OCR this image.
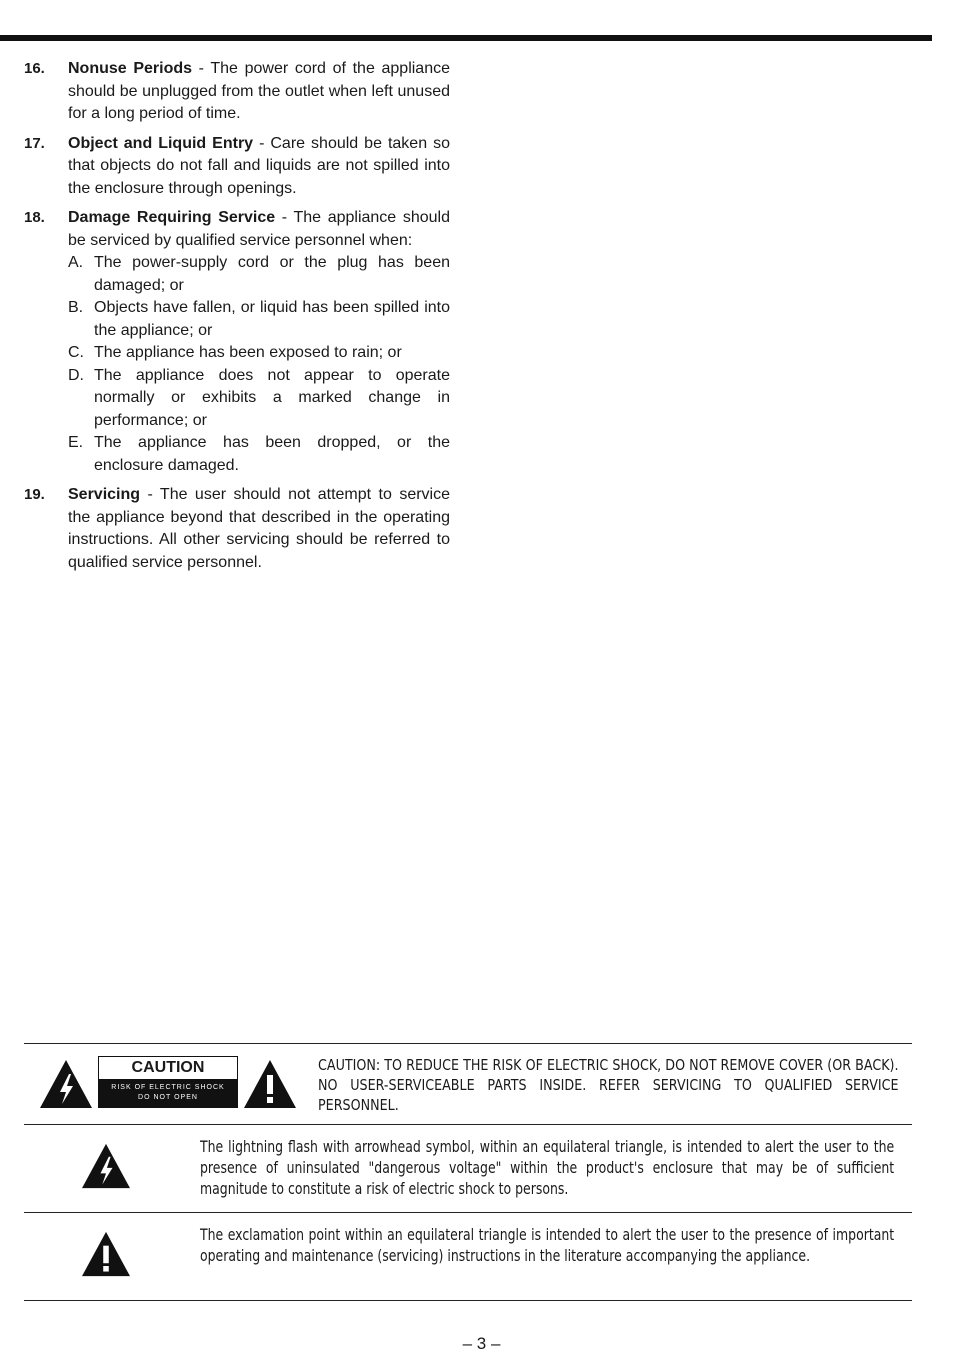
16. Nonuse Periods - The power cord of the appliance should be unplugged from the outlet when left unused for a long period of time.
17. Object and Liquid Entry - Care should be taken so that objects do not fall and liquids are not spilled into the enclosure through openings.
18. Damage Requiring Service - The appliance should be serviced by qualified service personnel when:
A. The power-supply cord or the plug has been damaged; or
B. Objects have fallen, or liquid has been spilled into the appliance; or
C. The appliance has been exposed to rain; or
D. The appliance does not appear to operate normally or exhibits a marked change in performance; or
E. The appliance has been dropped, or the enclosure damaged.
19. Servicing - The user should not attempt to service the appliance beyond that described in the operating instructions. All other servicing should be referred to qualified service personnel.
CAUTION
RISK OF ELECTRIC SHOCK
DO NOT OPEN
CAUTION: TO REDUCE THE RISK OF ELECTRIC SHOCK, DO NOT REMOVE COVER (OR BACK). NO USER-SERVICEABLE PARTS INSIDE. REFER SERVICING TO QUALIFIED SERVICE PERSONNEL.
The lightning flash with arrowhead symbol, within an equilateral triangle, is intended to alert the user to the presence of uninsulated "dangerous voltage" within the product's enclosure that may be of sufficient magnitude to constitute a risk of electric shock to persons.
The exclamation point within an equilateral triangle is intended to alert the user to the presence of important operating and maintenance (servicing) instructions in the literature accompanying the appliance.
– 3 –
